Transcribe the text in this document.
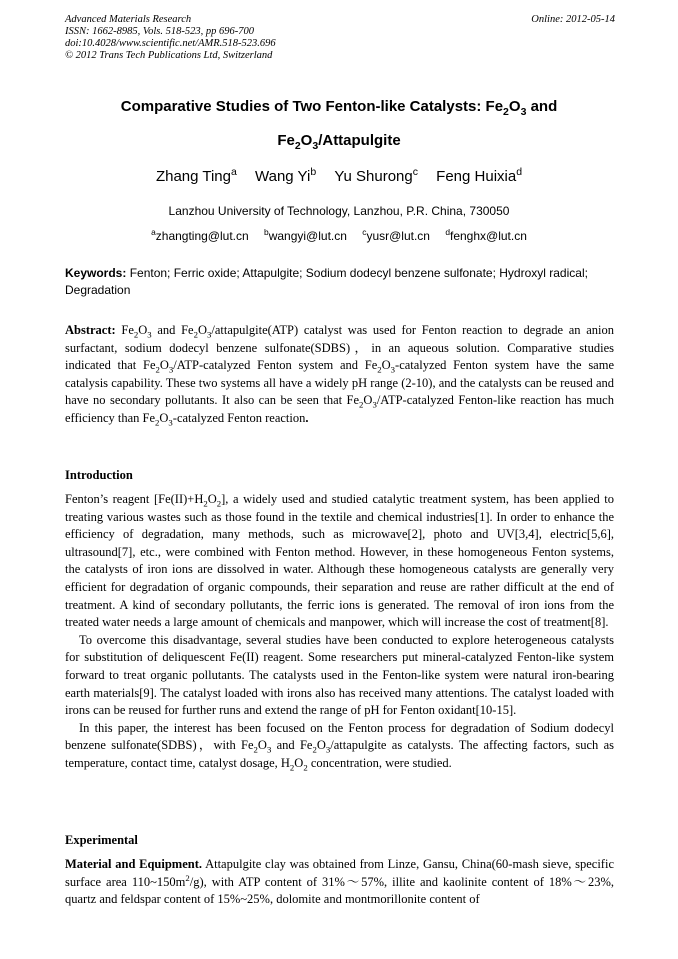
Advanced Materials Research
ISSN: 1662-8985, Vols. 518-523, pp 696-700
doi:10.4028/www.scientific.net/AMR.518-523.696
© 2012 Trans Tech Publications Ltd, Switzerland
Online: 2012-05-14
Comparative Studies of Two Fenton-like Catalysts: $Fe_2O_3$ and
$Fe_2O_3$/Attapulgite
Zhang Ting$^a$ Wang Yi$^b$ Yu Shurong$^c$ Feng Huixia$^d$
Lanzhou University of Technology, Lanzhou, P.R. China, 730050
$^a$zhangting@lut.cn $^b$wangyi@lut.cn $^c$yusr@lut.cn $^d$fenghx@lut.cn
Keywords: Fenton; Ferric oxide; Attapulgite; Sodium dodecyl benzene sulfonate; Hydroxyl radical; Degradation

Abstract: $Fe_2O_3$ and $Fe_2O_3/attapulgite(ATP)$ catalyst was used for Fenton reaction to degrade an anion surfactant, sodium dodecyl benzene sulfonate(SDBS)，in an aqueous solution. Comparative studies indicated that $Fe_2O_3/ATP$-catalyzed Fenton system and $Fe_2O_3$-catalyzed Fenton system have the same catalysis capability. These two systems all have a widely pH range (2-10), and the catalysts can be reused and have no secondary pollutants. It also can be seen that $Fe_2O_3/ATP$-catalyzed Fenton-like reaction has much efficiency than $Fe_2O_3$-catalyzed Fenton reaction.

Introduction

Fenton’s reagent $[Fe(II)+H_2O_2]$, a widely used and studied catalytic treatment system, has been applied to treating various wastes such as those found in the textile and chemical industries[1]. In order to enhance the efficiency of degradation, many methods, such as microwave[2], photo and UV[3,4], electric[5,6], ultrasound[7], etc., were combined with Fenton method. However, in these homogeneous Fenton systems, the catalysts of iron ions are dissolved in water. Although these homogeneous catalysts are generally very efficient for degradation of organic compounds, their separation and reuse are rather difficult at the end of treatment. A kind of secondary pollutants, the ferric ions is generated. The removal of iron ions from the treated water needs a large amount of chemicals and manpower, which will increase the cost of treatment[8].

To overcome this disadvantage, several studies have been conducted to explore heterogeneous catalysts for substitution of deliquescent Fe(II) reagent. Some researchers put mineral-catalyzed Fenton-like system forward to treat organic pollutants. The catalysts used in the Fenton-like system were natural iron-bearing earth materials[9]. The catalyst loaded with irons also has received many attentions. The catalyst loaded with irons can be reused for further runs and extend the range of pH for Fenton oxidant[10-15].

In this paper, the interest has been focused on the Fenton process for degradation of Sodium dodecyl benzene sulfonate(SDBS)，with $Fe_2O_3$ and $Fe_2O_3$/attapulgite as catalysts. The affecting factors, such as temperature, contact time, catalyst dosage, $H_2O_2$ concentration, were studied.

Experimental

Material and Equipment. Attapulgite clay was obtained from Linze, Gansu, China(60-mash sieve, specific surface area $110\sim 150m^2/g$), with ATP content of 31%～57%, illite and kaolinite content of 18%～23%, quartz and feldspar content of 15%~25%, dolomite and montmorillonite content of
